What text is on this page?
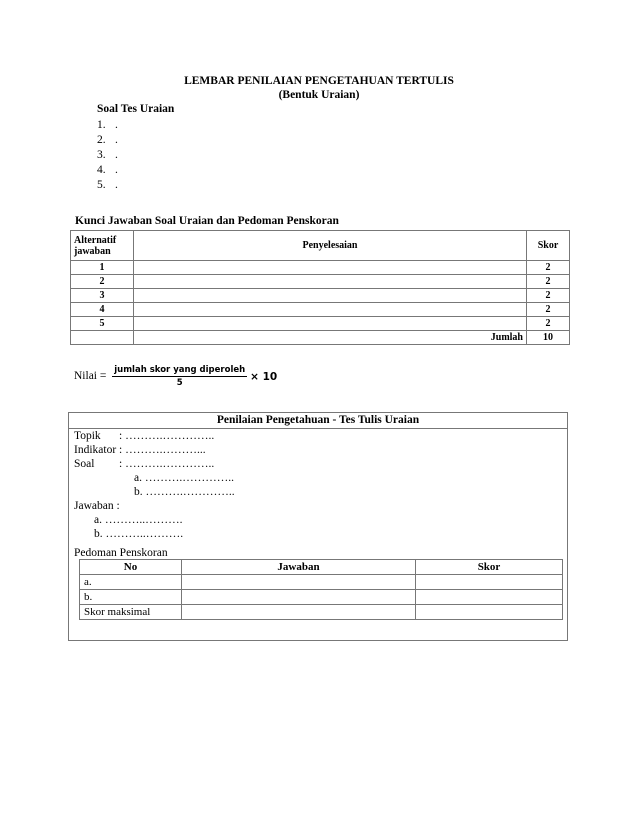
LEMBAR PENILAIAN PENGETAHUAN TERTULIS
(Bentuk Uraian)
Soal Tes Uraian
1. .
2. .
3. .
4. .
5. .
Kunci Jawaban Soal Uraian dan Pedoman Penskoran
Alternatif
jawaban	Penyelesaian	Skor
1		2
2		2
3		2
4		2
5		2
	Jumlah	10
Nilai = $\frac{\text{jumlah skor yang diperoleh}}{5} \times 10$
Penilaian Pengetahuan - Tes Tulis Uraian
Topik : ……….…………..
Indikator : ……….………...
Soal : ……….…………..
a. ……….…………..
b. ……….…………..
Jawaban :
a. ………..……….
b. ………..……….
Pedoman Penskoran
No	Jawaban	Skor
a.		
b.		
Skor maksimal		
